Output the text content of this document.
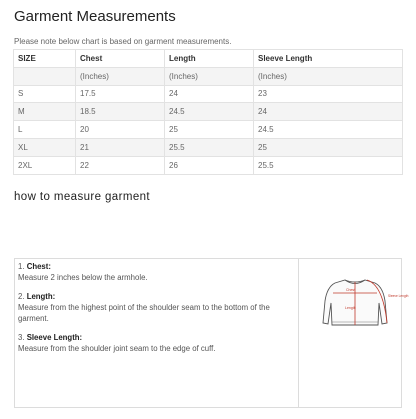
Garment Measurements
Please note below chart is based on garment measurements.
SIZE	Chest	Length	Sleeve Length
	(Inches)	(Inches)	(Inches)
S	17.5	24	23
M	18.5	24.5	24
L	20	25	24.5
XL	21	25.5	25
2XL	22	26	25.5
how to measure garment
1. Chest:
Measure 2 inches below the armhole.
2. Length:
Measure from the highest point of the shoulder seam to the bottom of the garment.
3. Sleeve Length:
Measure from the shoulder joint seam to the edge of cuff.
Chest
Length
Sleeve Length
